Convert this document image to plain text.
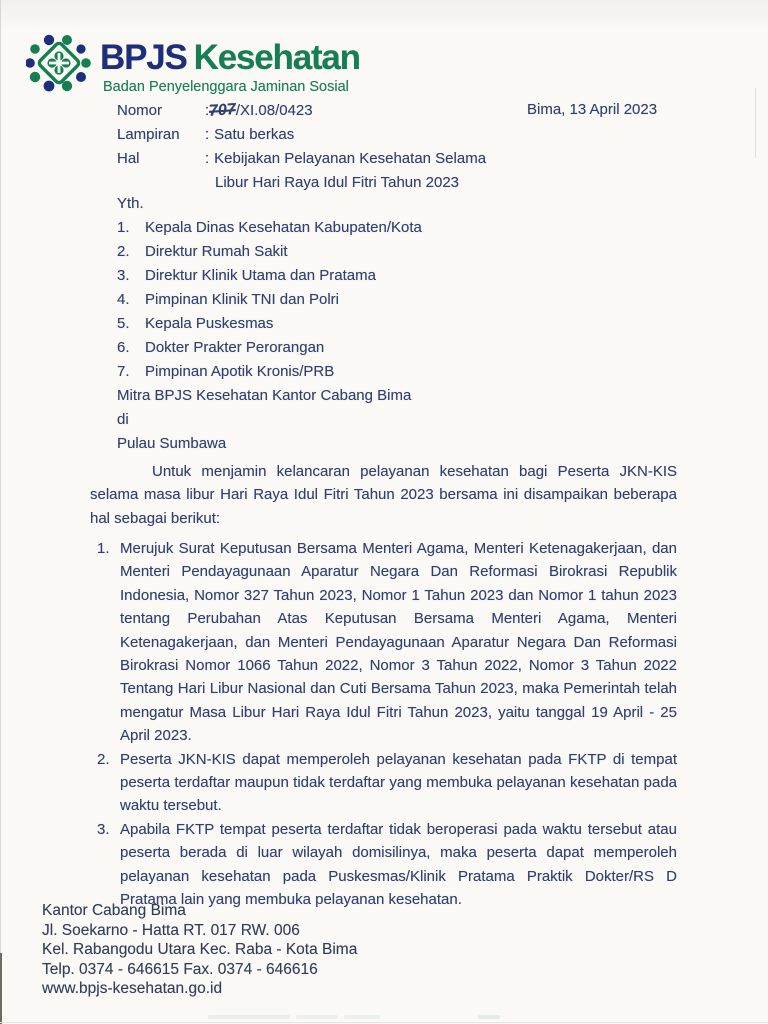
BPJS Kesehatan
Badan Penyelenggara Jaminan Sosial
Bima, 13 April 2023
Nomor	:707/XI.08/0423
Lampiran	: Satu berkas
Hal	: Kebijakan Pelayanan Kesehatan Selama
Libur Hari Raya Idul Fitri Tahun 2023
Yth.
1.	Kepala Dinas Kesehatan Kabupaten/Kota
2.	Direktur Rumah Sakit
3.	Direktur Klinik Utama dan Pratama
4.	Pimpinan Klinik TNI dan Polri
5.	Kepala Puskesmas
6.	Dokter Prakter Perorangan
7.	Pimpinan Apotik Kronis/PRB
Mitra BPJS Kesehatan Kantor Cabang Bima
di
Pulau Sumbawa
Untuk menjamin kelancaran pelayanan kesehatan bagi Peserta JKN-KIS selama masa libur Hari Raya Idul Fitri Tahun 2023 bersama ini disampaikan beberapa hal sebagai berikut:
1. Merujuk Surat Keputusan Bersama Menteri Agama, Menteri Ketenagakerjaan, dan Menteri Pendayagunaan Aparatur Negara Dan Reformasi Birokrasi Republik Indonesia, Nomor 327 Tahun 2023, Nomor 1 Tahun 2023 dan Nomor 1 tahun 2023 tentang Perubahan Atas Keputusan Bersama Menteri Agama, Menteri Ketenagakerjaan, dan Menteri Pendayagunaan Aparatur Negara Dan Reformasi Birokrasi Nomor 1066 Tahun 2022, Nomor 3 Tahun 2022, Nomor 3 Tahun 2022 Tentang Hari Libur Nasional dan Cuti Bersama Tahun 2023, maka Pemerintah telah mengatur Masa Libur Hari Raya Idul Fitri Tahun 2023, yaitu tanggal 19 April - 25 April 2023.
2. Peserta JKN-KIS dapat memperoleh pelayanan kesehatan pada FKTP di tempat peserta terdaftar maupun tidak terdaftar yang membuka pelayanan kesehatan pada waktu tersebut.
3. Apabila FKTP tempat peserta terdaftar tidak beroperasi pada waktu tersebut atau peserta berada di luar wilayah domisilinya, maka peserta dapat memperoleh pelayanan kesehatan pada Puskesmas/Klinik Pratama Praktik Dokter/RS D Pratama lain yang membuka pelayanan kesehatan.
Kantor Cabang Bima
Jl. Soekarno - Hatta RT. 017 RW. 006
Kel. Rabangodu Utara Kec. Raba - Kota Bima
Telp. 0374 - 646615 Fax. 0374 - 646616
www.bpjs-kesehatan.go.id
